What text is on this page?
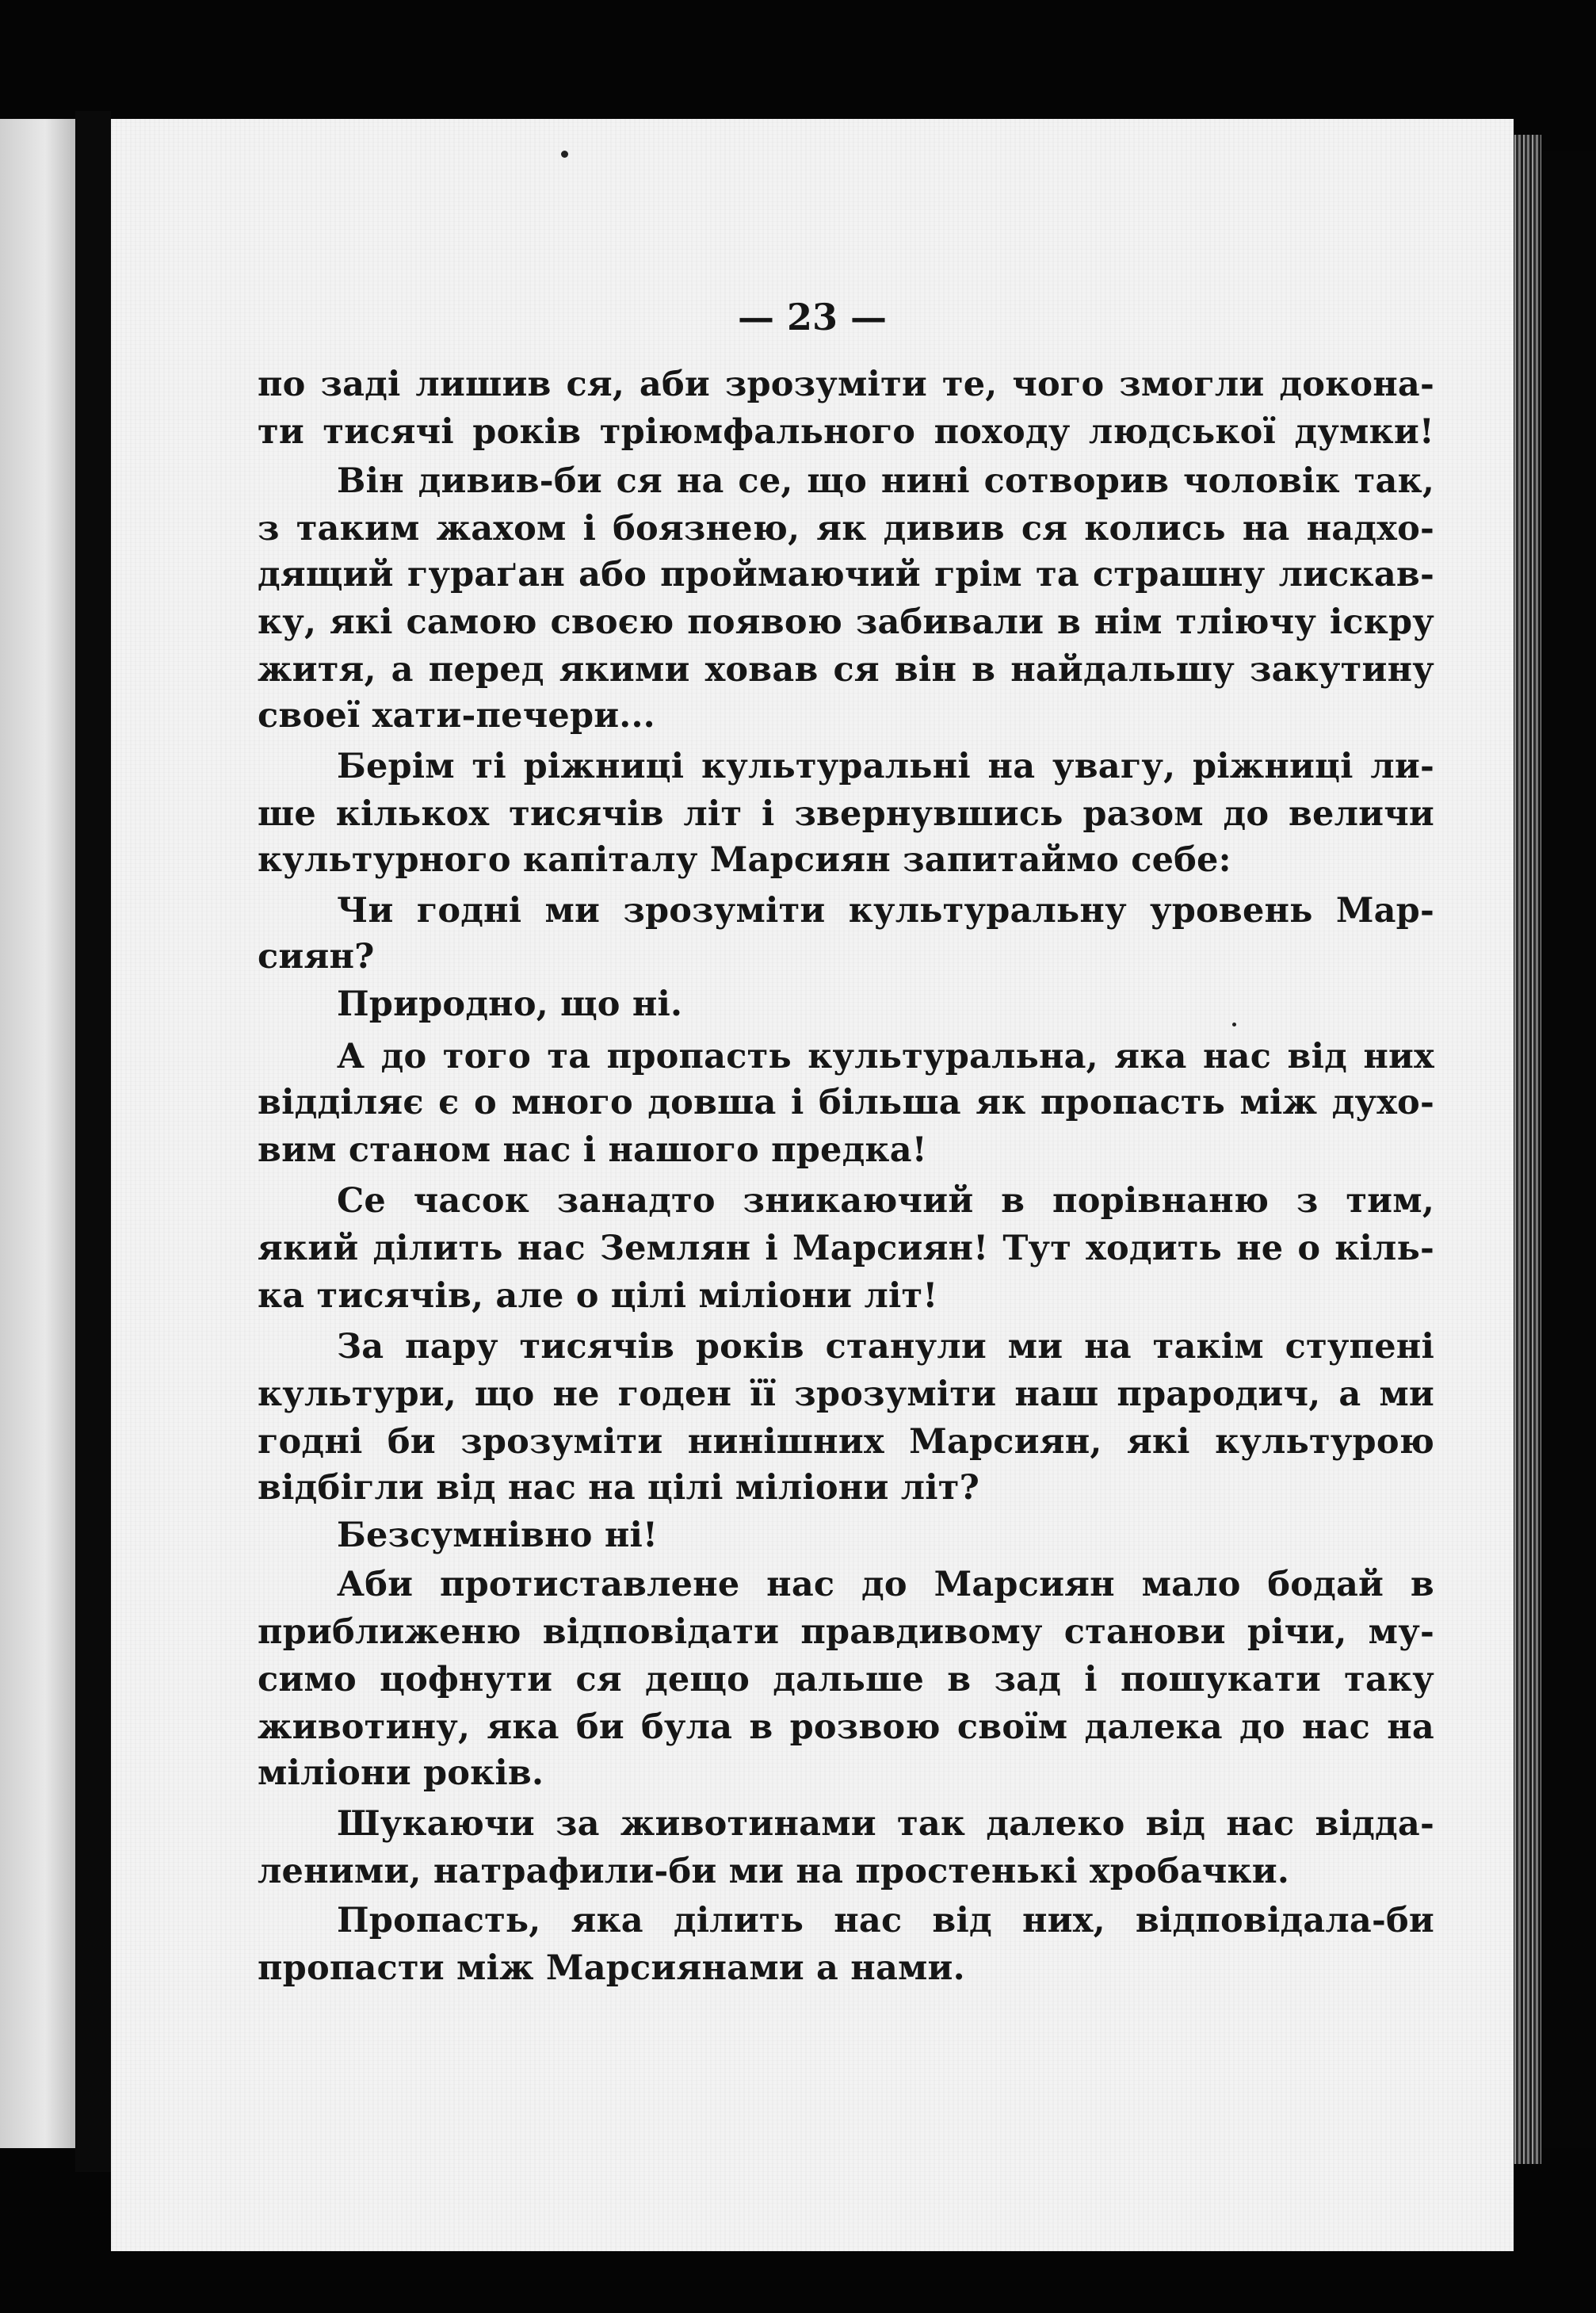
— 23 —
по заді лишив ся, аби зрозуміти те, чого змогли докона-
ти тисячі років тріюмфального походу людської думки!
Він дивив-би ся на се, що нині сотворив чоловік так,
з таким жахом і боязнею, як дивив ся колись на надхо-
дящий гураґан або проймаючий грім та страшну лискав-
ку, які самою своєю появою забивали в нім тліючу іскру
житя, а перед якими ховав ся він в найдальшу закутину
своеї хати-печери...
Берім ті ріжниці культуральні на увагу, ріжниці ли-
ше кількох тисячів літ і звернувшись разом до величи
культурного капіталу Марсиян запитаймо себе:
Чи годні ми зрозуміти культуральну уровень Мар-
сиян?
Природно, що ні.
А до того та пропасть культуральна, яка нас від них
відділяє є о много довша і більша як пропасть між духо-
вим станом нас і нашого предка!
Се часок занадто зникаючий в порівнаню з тим,
який ділить нас Землян і Марсиян! Тут ходить не о кіль-
ка тисячів, але о цілі міліони літ!
За пару тисячів років станули ми на такім ступені
культури, що не годен її зрозуміти наш прародич, а ми
годні би зрозуміти нинішних Марсиян, які культурою
відбігли від нас на цілі міліони літ?
Безсумнівно ні!
Аби протиставлене нас до Марсиян мало бодай в
приближеню відповідати правдивому станови річи, му-
симо цофнути ся дещо дальше в зад і пошукати таку
животину, яка би була в розвою своїм далека до нас на
міліони років.
Шукаючи за животинами так далеко від нас відда-
леними, натрафили-би ми на простенькі хробачки.
Пропасть, яка ділить нас від них, відповідала-би
пропасти між Марсиянами а нами.
